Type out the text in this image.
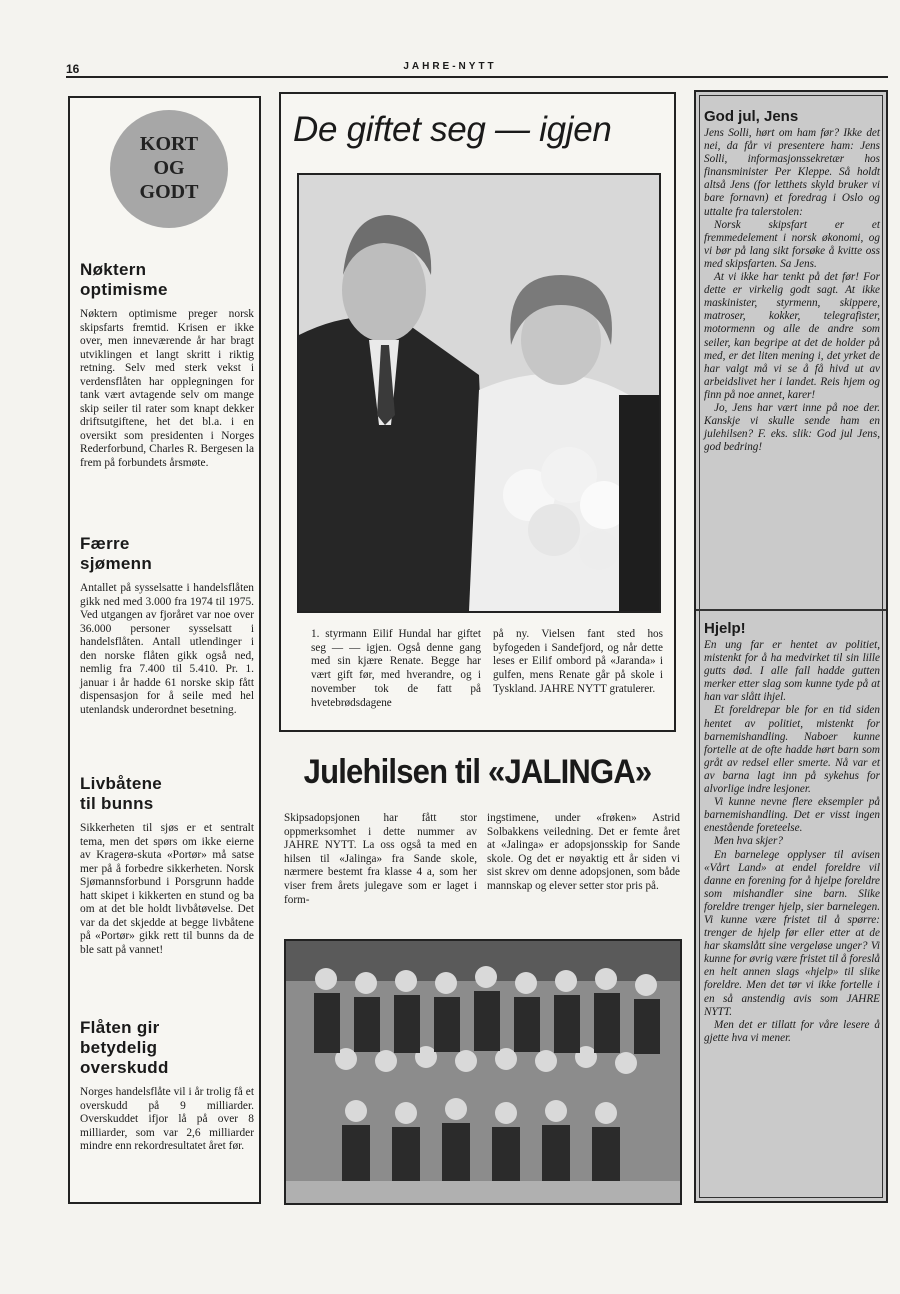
16	JAHRE-NYTT
KORT
OG
GODT
Nøktern optimisme

Nøktern optimisme preger norsk skipsfarts fremtid. Krisen er ikke over, men inneværende år har bragt utviklingen et langt skritt i riktig retning. Selv med sterk vekst i verdensflåten har opplegningen for tank vært avtagende selv om mange skip seiler til rater som knapt dekker driftsutgiftene, het det bl.a. i en oversikt som presidenten i Norges Rederforbund, Charles R. Bergesen la frem på forbundets årsmøte.

Færre sjømenn

Antallet på sysselsatte i handelsflåten gikk ned med 3.000 fra 1974 til 1975. Ved utgangen av fjoråret var noe over 36.000 personer sysselsatt i handelsflåten. Antall utlendinger i den norske flåten gikk også ned, nemlig fra 7.400 til 5.410. Pr. 1. januar i år hadde 61 norske skip fått dispensasjon for å seile med hel utenlandsk underordnet besetning.

Livbåtene til bunns

Sikkerheten til sjøs er et sentralt tema, men det spørs om ikke eierne av Kragerø-skuta «Portør» må satse mer på å forbedre sikkerheten. Norsk Sjømannsforbund i Porsgrunn hadde hatt skipet i kikkerten en stund og ba om at det ble holdt livbåtøvelse. Det var da det skjedde at begge livbåtene på «Portør» gikk rett til bunns da de ble satt på vannet!

Flåten gir betydelig overskudd

Norges handelsflåte vil i år trolig få et overskudd på 9 milliarder. Overskuddet ifjor lå på over 8 milliarder, som var 2,6 milliarder mindre enn rekordresultatet året før.

De giftet seg — igjen

1. styrmann Eilif Hundal har giftet seg — — igjen. Også denne gang med sin kjære Renate. Begge har vært gift før, med hverandre, og i november tok de fatt på hvetebrødsdagene

på ny. Vielsen fant sted hos byfogeden i Sandefjord, og når dette leses er Eilif ombord på «Jaranda» i gulfen, mens Renate går på skole i Tyskland. JAHRE NYTT gratulerer.

Julehilsen til «JALINGA»

Skipsadopsjonen har fått stor oppmerksomhet i dette nummer av JAHRE NYTT. La oss også ta med en hilsen til «Jalinga» fra Sande skole, nærmere bestemt fra klasse 4 a, som her viser frem årets julegave som er laget i form-

ingstimene, under «frøken» Astrid Solbakkens veiledning. Det er femte året at «Jalinga» er adopsjonsskip for Sande skole. Og det er nøyaktig ett år siden vi sist skrev om denne adopsjonen, som både mannskap og elever setter stor pris på.

God jul, Jens

Jens Solli, hørt om ham før? Ikke det nei, da får vi presentere ham: Jens Solli, informasjonssekretær hos finansminister Per Kleppe. Så holdt altså Jens (for letthets skyld bruker vi bare fornavn) et foredrag i Oslo og uttalte fra talerstolen:

Norsk skipsfart er et fremmedelement i norsk økonomi, og vi bør på lang sikt forsøke å kvitte oss med skipsfarten. Sa Jens.

At vi ikke har tenkt på det før! For dette er virkelig godt sagt. At ikke maskinister, styrmenn, skippere, matroser, kokker, telegrafister, motormenn og alle de andre som seiler, kan begripe at det de holder på med, er det liten mening i, det yrket de har valgt må vi se å få hivd ut av arbeidslivet her i landet. Reis hjem og finn på noe annet, karer!

Jo, Jens har vært inne på noe der. Kanskje vi skulle sende ham en julehilsen? F. eks. slik: God jul Jens, god bedring!

Hjelp!

En ung far er hentet av politiet, mistenkt for å ha medvirket til sin lille gutts død. I alle fall hadde gutten merker etter slag som kunne tyde på at han var slått ihjel.

Et foreldrepar ble for en tid siden hentet av politiet, mistenkt for barnemishandling. Naboer kunne fortelle at de ofte hadde hørt barn som gråt av redsel eller smerte. Nå var et av barna lagt inn på sykehus for alvorlige indre lesjoner.

Vi kunne nevne flere eksempler på barnemishandling. Det er visst ingen enestående foreteelse.

Men hva skjer?

En barnelege opplyser til avisen «Vårt Land» at endel foreldre vil danne en forening for å hjelpe foreldre som mishandler sine barn. Slike foreldre trenger hjelp, sier barnelegen. Vi kunne være fristet til å spørre: trenger de hjelp før eller etter at de har skamslått sine vergeløse unger? Vi kunne for øvrig være fristet til å foreslå en helt annen slags «hjelp» til slike foreldre. Men det tør vi ikke fortelle i en så anstendig avis som JAHRE NYTT.

Men det er tillatt for våre lesere å gjette hva vi mener.
